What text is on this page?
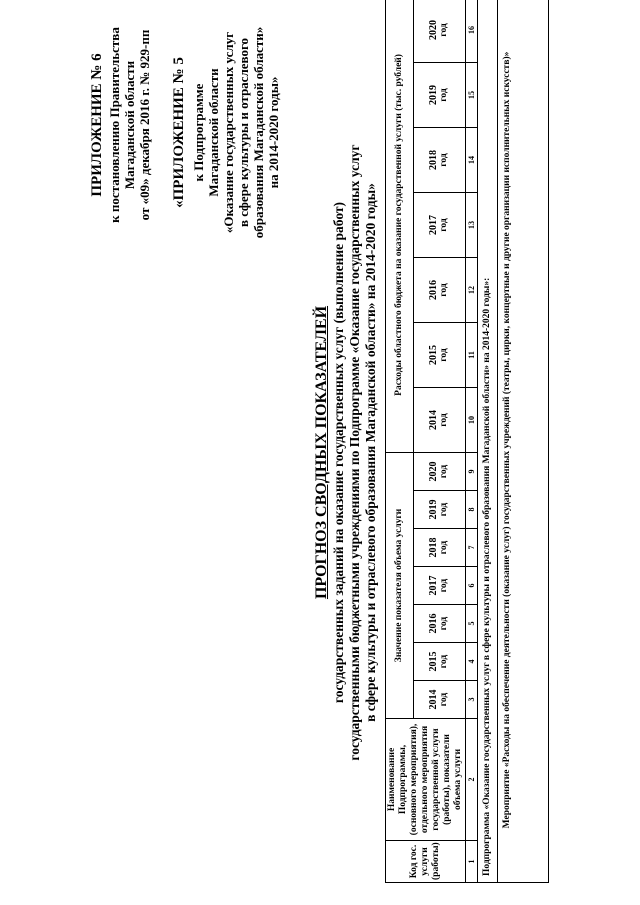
ПРИЛОЖЕНИЕ № 6 к постановлению Правительства Магаданской области от «09» декабря 2016 г. № 929-пп «ПРИЛОЖЕНИЕ № 5 к Подпрограмме Магаданской области «Оказание государственных услуг в сфере культуры и отраслевого образования Магаданской области» на 2014-2020 годы»
ПРОГНОЗ СВОДНЫХ ПОКАЗАТЕЛЕЙ государственных заданий на оказание государственных услуг (выполнение работ) государственными бюджетными учреждениями по Подпрограмме «Оказание государственных услуг в сфере культуры и отраслевого образования Магаданской области» на 2014-2020 годы»
Код гос. услуги (работы)	Наименование Подпрограммы, (основного мероприятия), отдельного мероприятия государственной услуги (работы), показатели объема услуги	Значение показателя объема услуги							Расходы областного бюджета на оказание государственной услуги (тыс. рублей)						

		2014 год	2015 год	2016 год	2017 год	2018 год	2019 год	2020 год	2014 год	2015 год	2016 год	2017 год	2018 год	2019 год	2020 год

1	2	3	4	5	6	7	8	9	10	11	12	13	14	15	16
Подпрограмма «Оказание государственных услуг в сфере культуры и отраслевого образования Магаданской области» на 2014-2020 годы»:															
Мероприятие «Расходы на обеспечение деятельности (оказание услуг) государственных учреждений (театры, цирки, концертные и другие организации исполнительных искусств)»															
